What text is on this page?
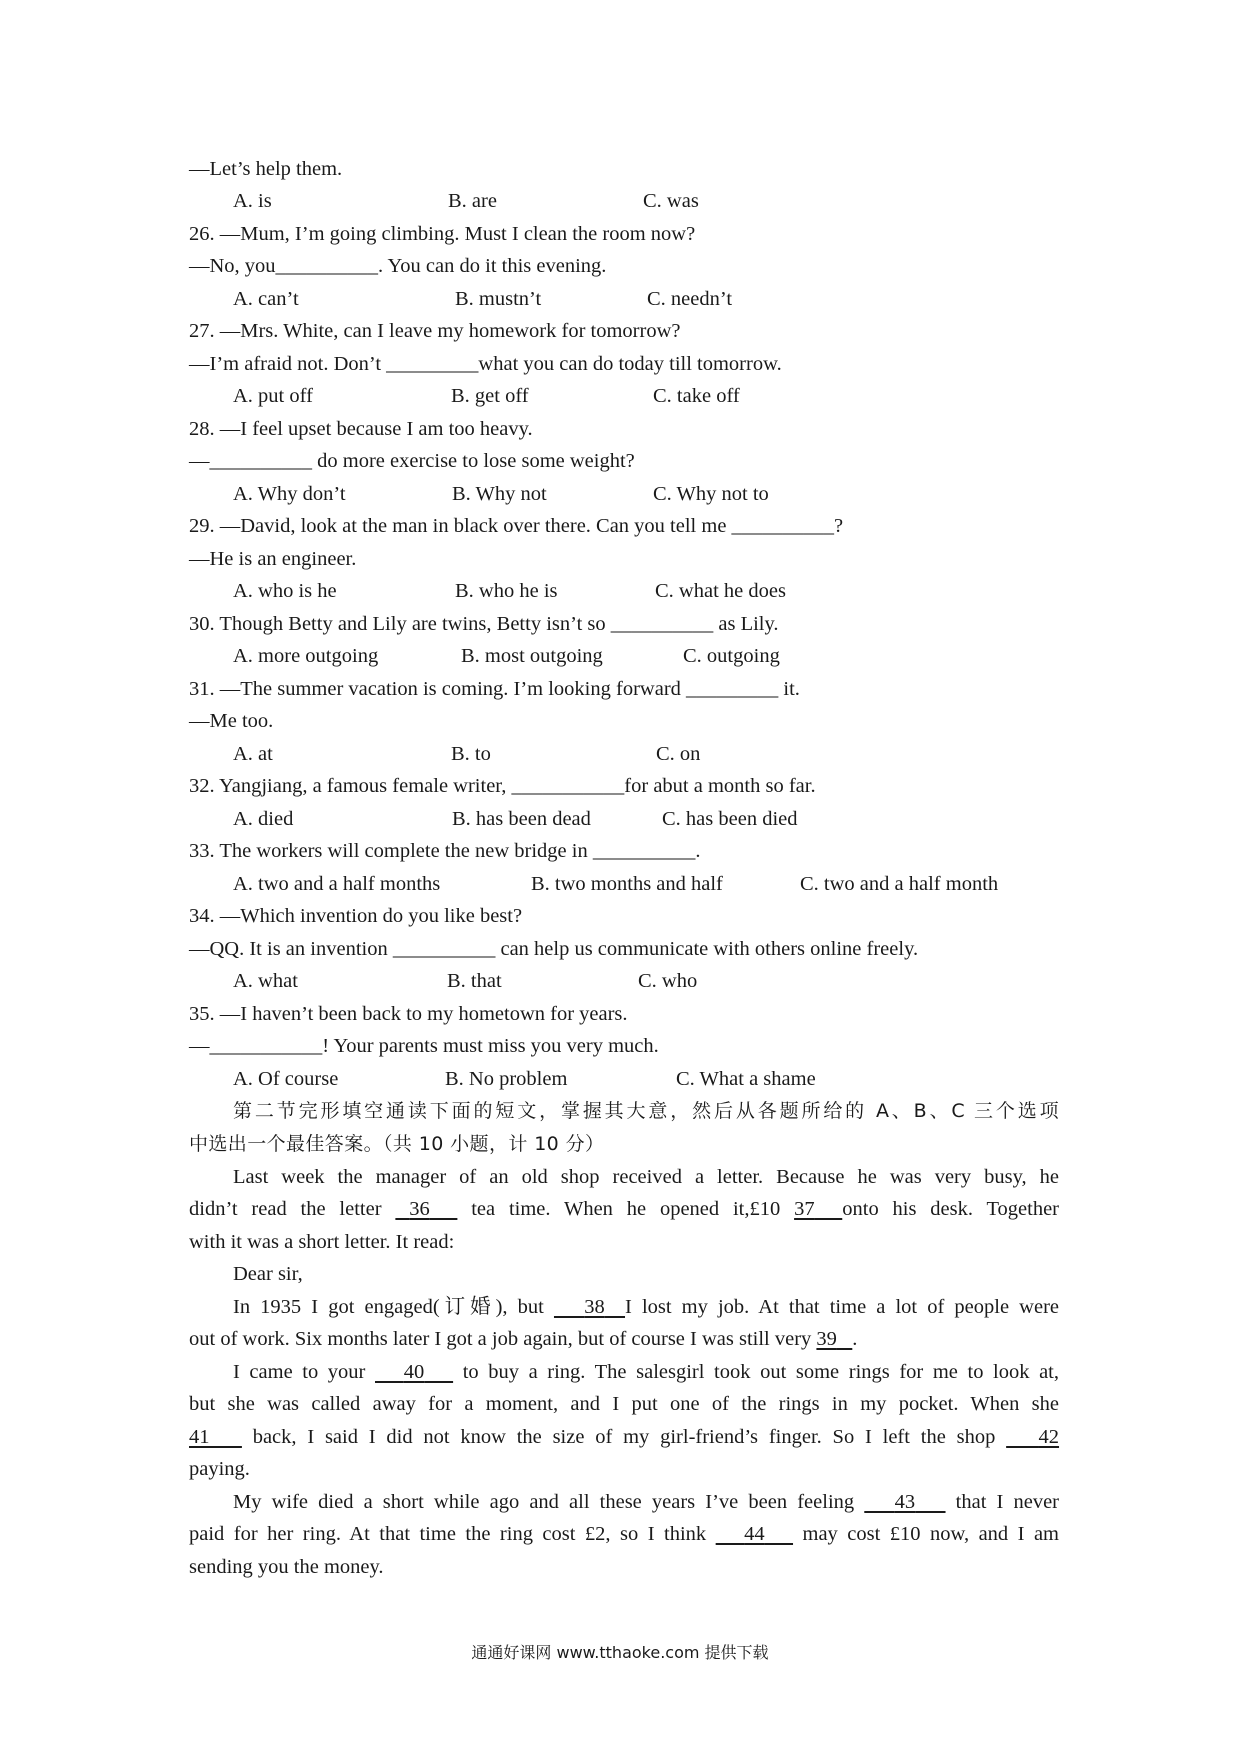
—Let’s help them.
A. is	B. are	C. was
26. —Mum, I’m going climbing. Must I clean the room now?
—No, you__________. You can do it this evening.
A. can’t	B. mustn’t	C. needn’t
27. —Mrs. White, can I leave my homework for tomorrow?
—I’m afraid not. Don’t _________what you can do today till tomorrow.
A. put off	B. get off	C. take off
28. —I feel upset because I am too heavy.
—__________ do more exercise to lose some weight?
A. Why don’t	B. Why not	C. Why not to
29. —David, look at the man in black over there. Can you tell me __________?
—He is an engineer.
A. who is he	B. who he is	C. what he does
30. Though Betty and Lily are twins, Betty isn’t so __________ as Lily.
A. more outgoing	B. most outgoing	C. outgoing
31. —The summer vacation is coming. I’m looking forward _________ it.
—Me too.
A. at	B. to	C. on
32. Yangjiang, a famous female writer, ___________for abut a month so far.
A. died	B. has been dead	C. has been died
33. The workers will complete the new bridge in __________.
A. two and a half months	B. two months and half	C. two and a half month
34. —Which invention do you like best?
—QQ. It is an invention __________ can help us communicate with others online freely.
A. what	B. that	C. who
35. —I haven’t been back to my hometown for years.
—___________! Your parents must miss you very much.
A. Of course	B. No problem	C. What a shame
第二节完形填空通读下面的短文，掌握其大意，然后从各题所给的 A、B、C 三个选项
中选出一个最佳答案。（共 10 小题，计 10 分）
Last week the manager of an old shop received a letter. Because he was very busy, he
didn’t read the letter  36   tea time. When he opened it,£10 37 onto his desk. Together
with it was a short letter. It read:
Dear sir,
In 1935 I got engaged(订婚), but    38 I lost my job. At that time a lot of people were
out of work. Six months later I got a job again, but of course I was still very 39 .
I came to your    40    to buy a ring. The salesgirl took out some rings for me to look at,
but she was called away for a moment, and I put one of the rings in my pocket. When she
41    back, I said I did not know the size of my girl-friend’s finger. So I left the shop    42
paying.
My wife died a short while ago and all these years I’ve been feeling    43    that I never
paid for her ring. At that time the ring cost £2, so I think    44    may cost £10 now, and I am
sending you the money.
通通好课网 www.tthaoke.com 提供下载
